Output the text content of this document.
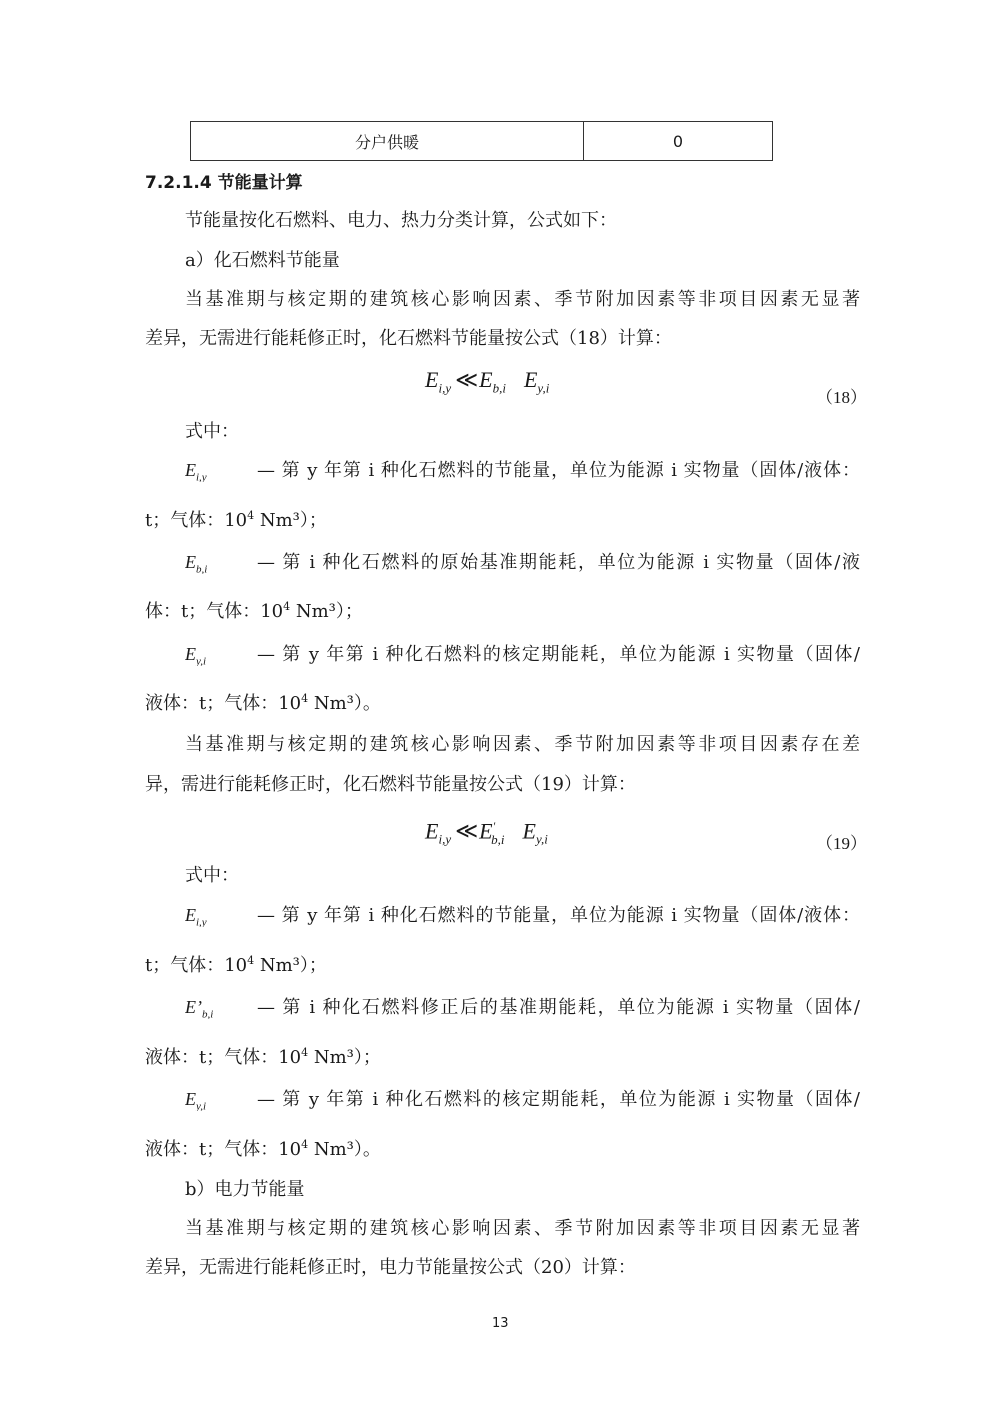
分户供暖	0
7.2.1.4 节能量计算
节能量按化石燃料、电力、热力分类计算，公式如下：
a）化石燃料节能量
当基准期与核定期的建筑核心影响因素、季节附加因素等非项目因素无显著
差异，无需进行能耗修正时，化石燃料节能量按公式（18）计算：
$E_{i,y}$ $≪E_{b,i}$ $E_{y,i}$
（18）
式中：
$E_{i,y}$	— 第 y 年第 i 种化石燃料的节能量，单位为能源 i 实物量（固体/液体：
t；气体：$10^4$ Nm³）；
$E_{b,i}$	— 第 i 种化石燃料的原始基准期能耗，单位为能源 i 实物量（固体/液
体：t；气体：$10^4$ Nm³）；
$E_{y,i}$	— 第 y 年第 i 种化石燃料的核定期能耗，单位为能源 i 实物量（固体/
液体：t；气体：$10^4$ Nm³）。
当基准期与核定期的建筑核心影响因素、季节附加因素等非项目因素存在差
异，需进行能耗修正时，化石燃料节能量按公式（19）计算：
$E_{i,y}$ $≪E'_{b,i}$ $E_{y,i}$	（19）
式中：
$E_{i,y}$	— 第 y 年第 i 种化石燃料的节能量，单位为能源 i 实物量（固体/液体：
t；气体：$10^4$ Nm³）；
$E’_{b,i}$ — 第 i 种化石燃料修正后的基准期能耗，单位为能源 i 实物量（固体/
液体：t；气体：$10^4$ Nm³）；
$E_{y,i}$	— 第 y 年第 i 种化石燃料的核定期能耗，单位为能源 i 实物量（固体/
液体：t；气体：$10^4$ Nm³）。
b）电力节能量
当基准期与核定期的建筑核心影响因素、季节附加因素等非项目因素无显著
差异，无需进行能耗修正时，电力节能量按公式（20）计算：
13
